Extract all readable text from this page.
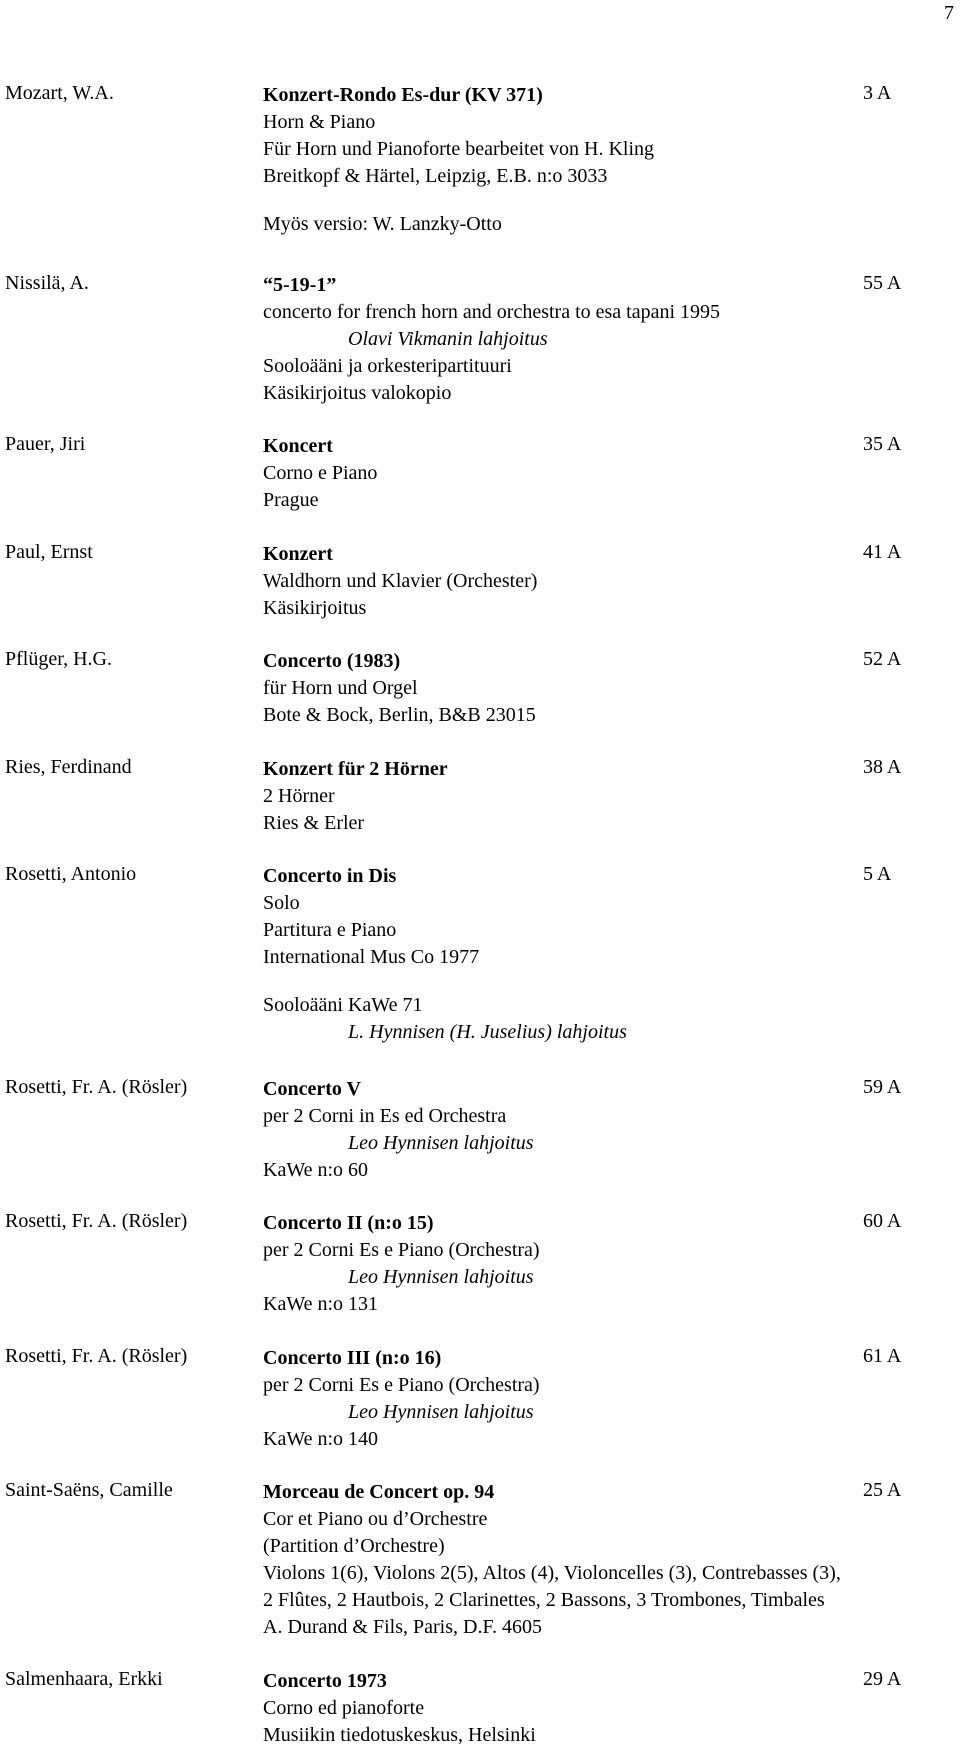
7
Mozart, W.A.	Konzert-Rondo Es-dur (KV 371)
Horn & Piano
Für Horn und Pianoforte bearbeitet von H. Kling
Breitkopf & Härtel, Leipzig, E.B. n:o 3033
Myös versio: W. Lanzky-Otto
3 A
Nissilä, A.	“5-19-1”
concerto for french horn and orchestra to esa tapani 1995
Olavi Vikmanin lahjoitus
Sooloääni ja orkesteripartituuri
Käsikirjoitus valokopio
55 A
Pauer, Jiri	Koncert
Corno e Piano
Prague
35 A
Paul, Ernst	Konzert
Waldhorn und Klavier (Orchester)
Käsikirjoitus
41 A
Pflüger, H.G.	Concerto (1983)
für Horn und Orgel
Bote & Bock, Berlin, B&B 23015
52 A
Ries, Ferdinand	Konzert für 2 Hörner
2 Hörner
Ries & Erler
38 A
Rosetti, Antonio	Concerto in Dis
Solo
Partitura e Piano
International Mus Co 1977
Sooloääni KaWe 71
L. Hynnisen (H. Juselius) lahjoitus
5 A
Rosetti, Fr. A. (Rösler)	Concerto V
per 2 Corni in Es ed Orchestra
Leo Hynnisen lahjoitus
KaWe n:o 60
59 A
Rosetti, Fr. A. (Rösler)	Concerto II (n:o 15)
per 2 Corni Es e Piano (Orchestra)
Leo Hynnisen lahjoitus
KaWe n:o 131
60 A
Rosetti, Fr. A. (Rösler)	Concerto III (n:o 16)
per 2 Corni Es e Piano (Orchestra)
Leo Hynnisen lahjoitus
KaWe n:o 140
61 A
Saint-Saëns, Camille	Morceau de Concert op. 94
Cor et Piano ou d’Orchestre
(Partition d’Orchestre)
Violons 1(6), Violons 2(5), Altos (4), Violoncelles (3), Contrebasses (3),
2 Flûtes, 2 Hautbois, 2 Clarinettes, 2 Bassons, 3 Trombones, Timbales
A. Durand & Fils, Paris, D.F. 4605
25 A
Salmenhaara, Erkki	Concerto 1973
Corno ed pianoforte
Musiikin tiedotuskeskus, Helsinki
29 A
